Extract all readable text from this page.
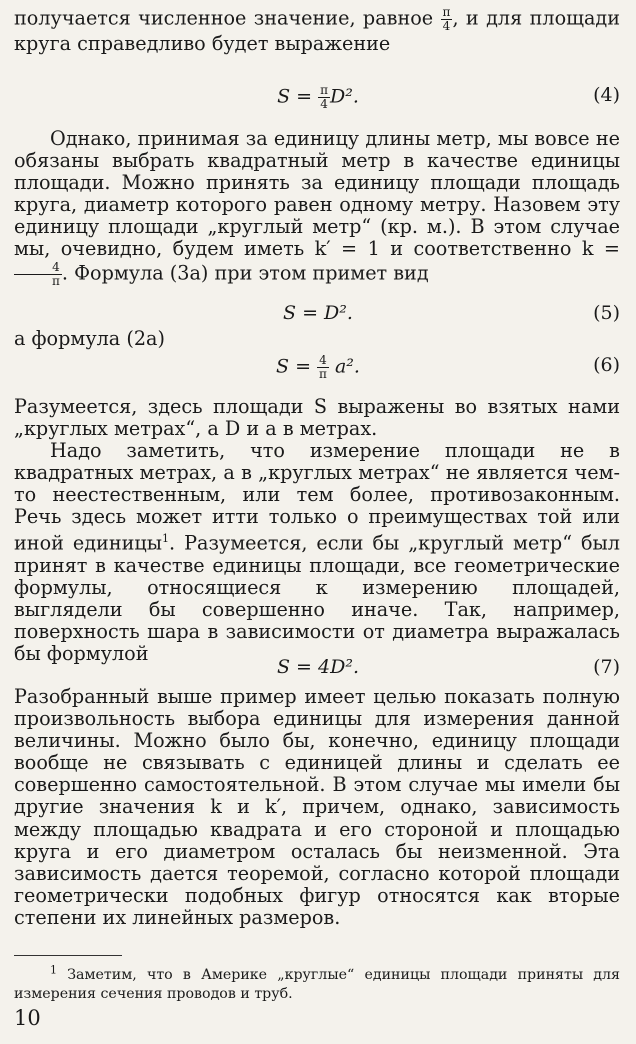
получается численное значение, равное $\frac{\pi}{4}$ , и для площади круга справедливо будет выражение
$S = \frac{\pi}{4} D^2$.	(4)
Однако, принимая за единицу длины метр, мы вовсе не обязаны выбрать квадратный метр в качестве единицы площади. Можно принять за единицу площади площадь круга, диаметр которого равен одному метру. Назовем эту единицу площади „круглый метр“ (кр. м.). В этом случае мы, очевидно, будем иметь k′ = 1 и соответственно k =
$\frac{4}{\pi}$ . Формула (3а) при этом примет вид
S = D².	(5)
а формула (2а)
$S = \frac{4}{\pi} a^2$.	(6)
Разумеется, здесь площади S выражены во взятых нами „круглых метрах“, а D и a в метрах.
Надо заметить, что измерение площади не в квадратных метрах, а в „круглых метрах“ не является чем-то неестественным, или тем более, противозаконным. Речь здесь может итти только о преимуществах той или иной единицы$^1$. Разумеется, если бы „круглый метр“ был принят в качестве единицы площади, все геометрические формулы, относящиеся к измерению площадей, выглядели бы совершенно иначе. Так, например, поверхность шара в зависимости от диаметра выражалась бы формулой
S = 4D².	(7)
Разобранный выше пример имеет целью показать полную произвольность выбора единицы для измерения данной величины. Можно было бы, конечно, единицу площади вообще не связывать с единицей длины и сделать ее совершенно самостоятельной. В этом случае мы имели бы другие значения k и k′, причем, однако, зависимость между площадью квадрата и его стороной и площадью круга и его диаметром осталась бы неизменной. Эта зависимость дается теоремой, согласно которой площади геометрически подобных фигур относятся как вторые степени их линейных размеров.
$^1$ Заметим, что в Америке „круглые“ единицы площади приняты для измерения сечения проводов и труб.
10
